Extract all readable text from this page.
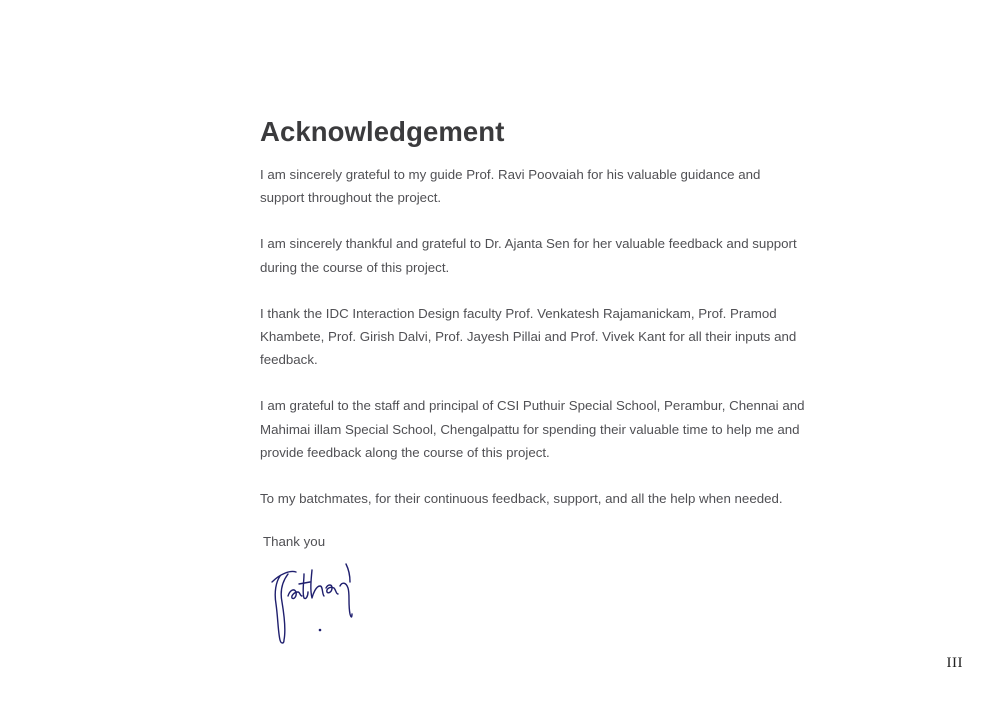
Acknowledgement

I am sincerely grateful to my guide Prof. Ravi Poovaiah for his valuable guidance and support throughout the project.

I am sincerely thankful and grateful to Dr. Ajanta Sen for her valuable feedback and support during the course of this project.

I thank the IDC Interaction Design faculty Prof. Venkatesh Rajamanickam, Prof. Pramod Khambete, Prof. Girish Dalvi, Prof. Jayesh Pillai and Prof. Vivek Kant for all their inputs and feedback.

I am grateful to the staff and principal of CSI Puthuir Special School, Perambur, Chennai and Mahimai illam Special School, Chengalpattu for spending their valuable time to help me and provide feedback along the course of this project.

To my batchmates, for their continuous feedback, support, and all the help when needed.

Thank you
III
